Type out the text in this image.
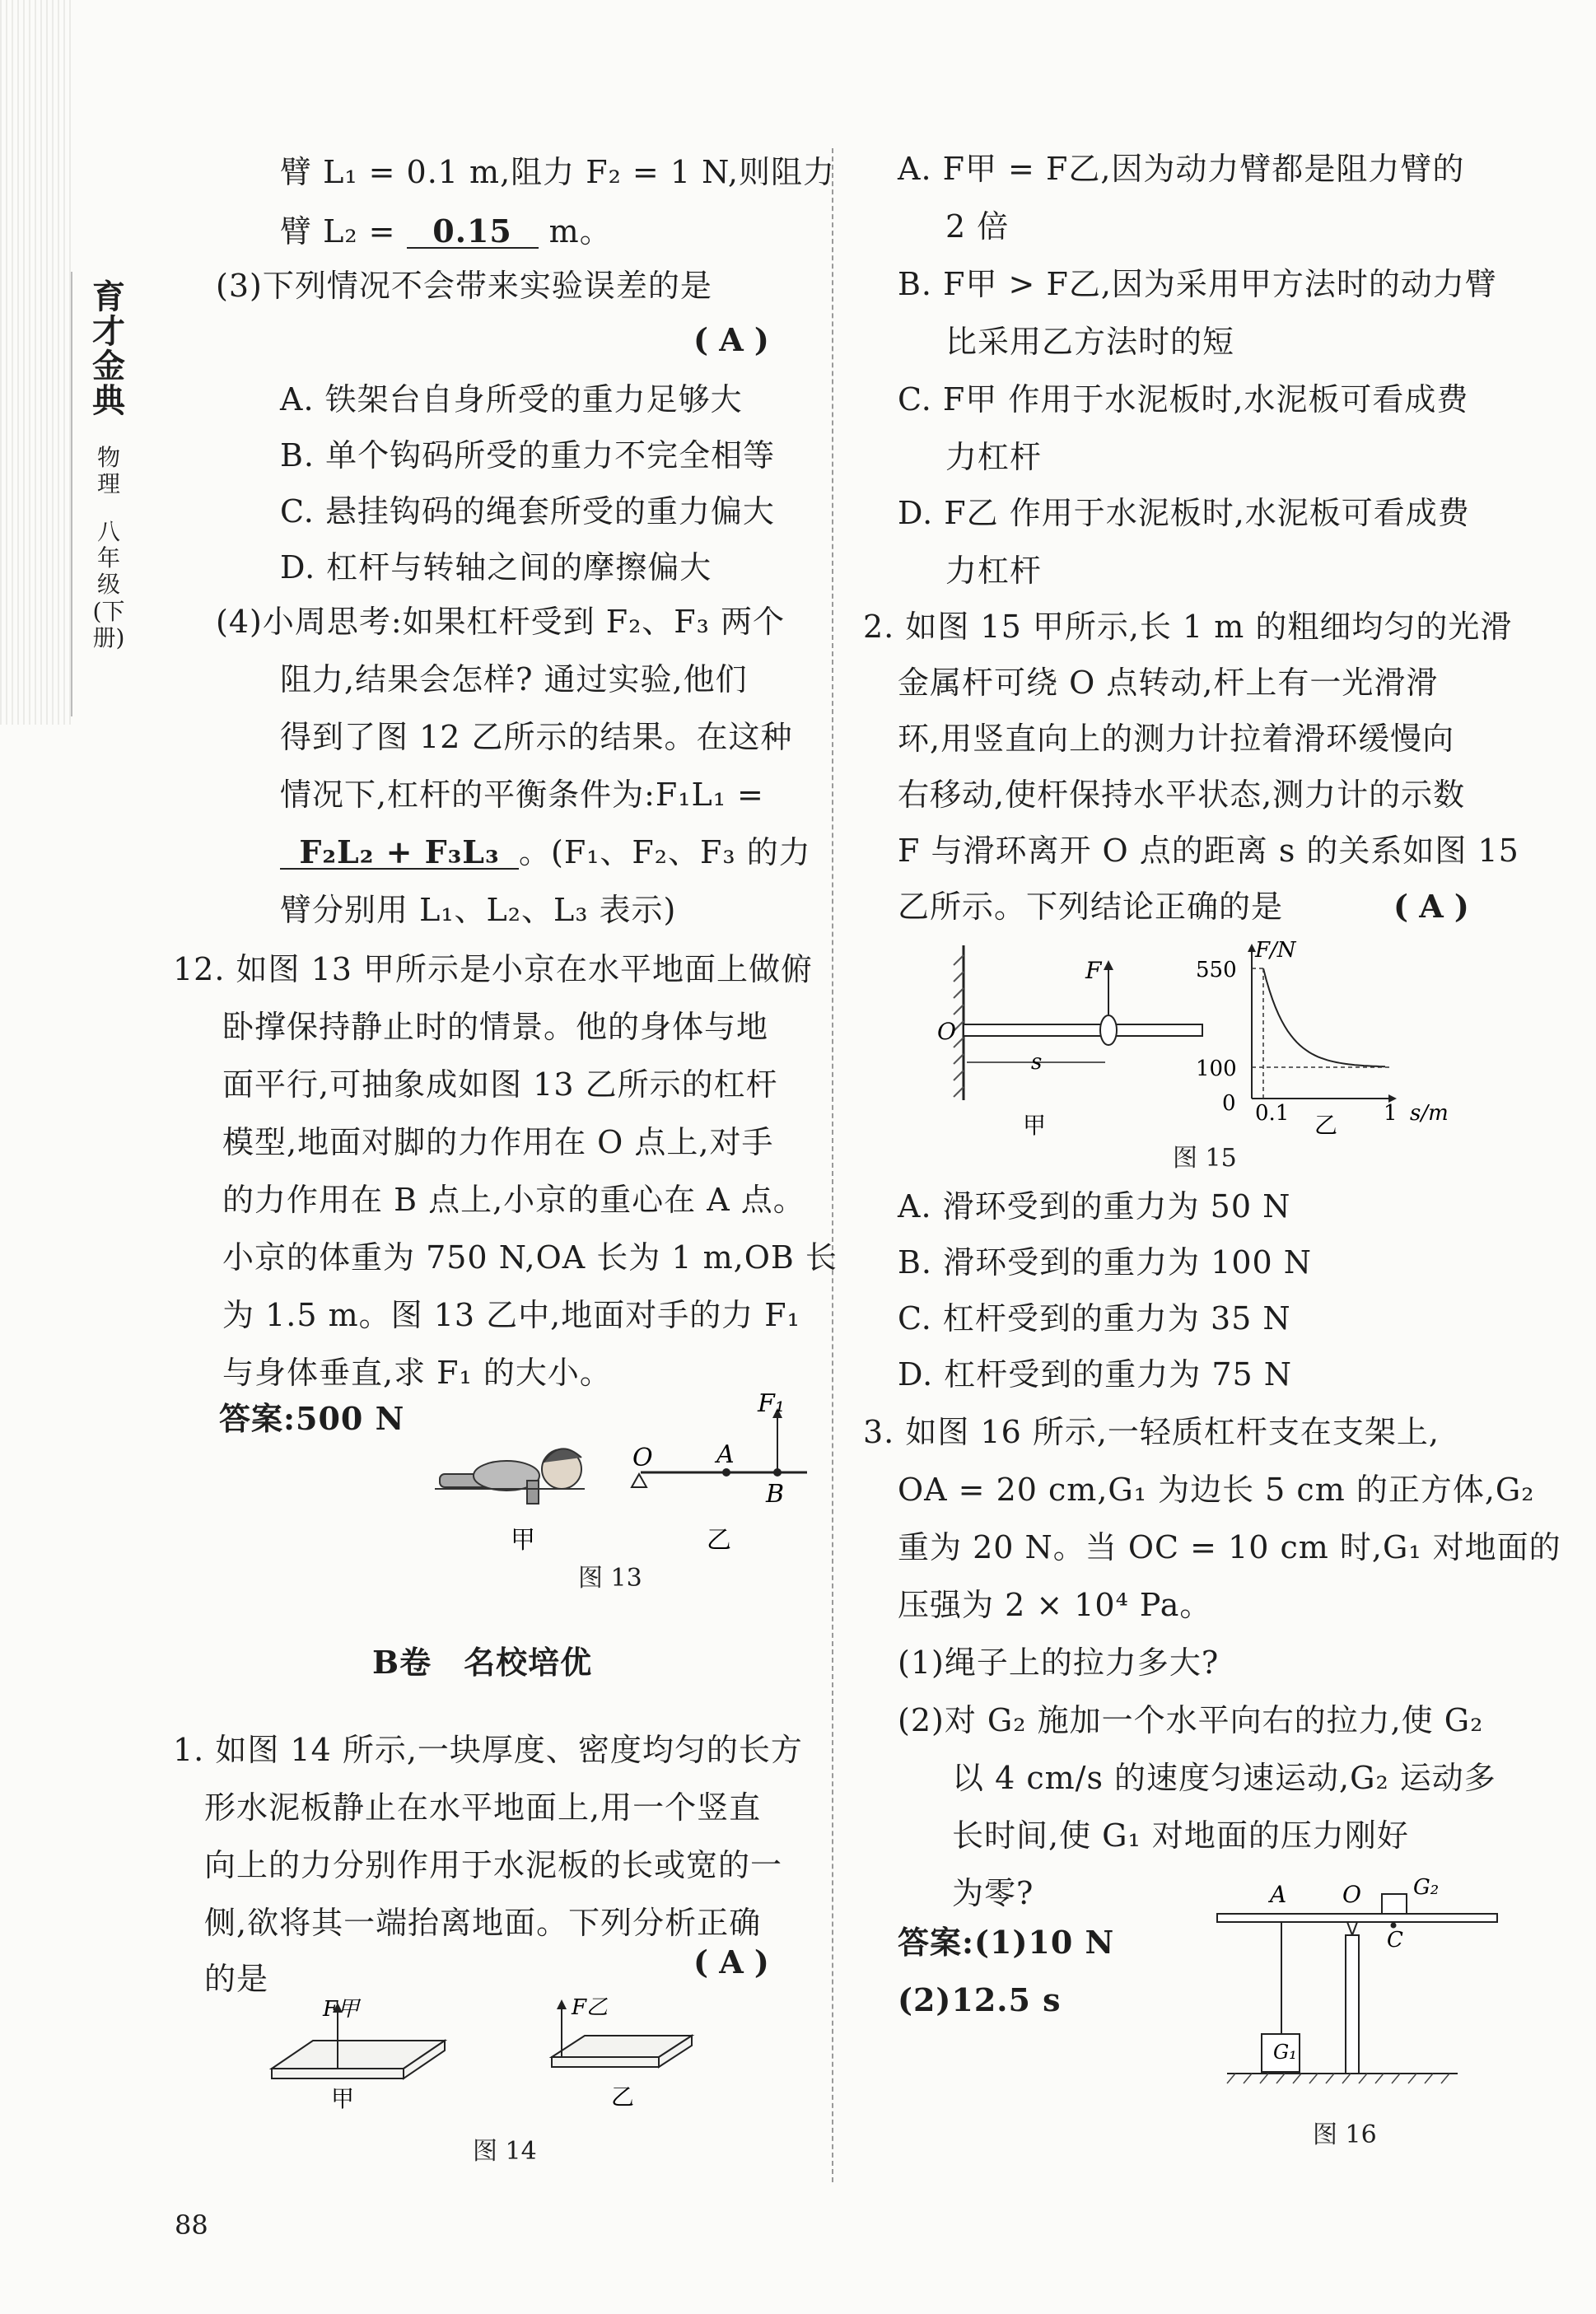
育才金典
物理
八年级(下册)
臂 L₁ = 0.1 m,阻力 F₂ = 1 N,则阻力
臂 L₂ = 0.15 m。
(3)下列情况不会带来实验误差的是
( A )
A. 铁架台自身所受的重力足够大
B. 单个钩码所受的重力不完全相等
C. 悬挂钩码的绳套所受的重力偏大
D. 杠杆与转轴之间的摩擦偏大
(4)小周思考:如果杠杆受到 F₂、F₃ 两个
阻力,结果会怎样? 通过实验,他们
得到了图 12 乙所示的结果。在这种
情况下,杠杆的平衡条件为:F₁L₁ =
F₂L₂ + F₃L₃ 。(F₁、F₂、F₃ 的力
臂分别用 L₁、L₂、L₃ 表示)
12. 如图 13 甲所示是小京在水平地面上做俯
卧撑保持静止时的情景。他的身体与地
面平行,可抽象成如图 13 乙所示的杠杆
模型,地面对脚的力作用在 O 点上,对手
的力作用在 B 点上,小京的重心在 A 点。
小京的体重为 750 N,OA 长为 1 m,OB 长
为 1.5 m。图 13 乙中,地面对手的力 F₁
与身体垂直,求 F₁ 的大小。
答案:500 N
甲
O	A
B
F₁
乙
图 13
B卷　名校培优
1. 如图 14 所示,一块厚度、密度均匀的长方
形水泥板静止在水平地面上,用一个竖直
向上的力分别作用于水泥板的长或宽的一
侧,欲将其一端抬离地面。下列分析正确
的是	( A )
F甲
甲
F乙
乙
图 14
A. F甲 = F乙,因为动力臂都是阻力臂的
2 倍
B. F甲 > F乙,因为采用甲方法时的动力臂
比采用乙方法时的短
C. F甲 作用于水泥板时,水泥板可看成费
力杠杆
D. F乙 作用于水泥板时,水泥板可看成费
力杠杆
2. 如图 15 甲所示,长 1 m 的粗细均匀的光滑
金属杆可绕 O 点转动,杆上有一光滑滑
环,用竖直向上的测力计拉着滑环缓慢向
右移动,使杆保持水平状态,测力计的示数
F 与滑环离开 O 点的距离 s 的关系如图 15
乙所示。下列结论正确的是	( A )
F
O
s
甲
F/N
550
100
0 0.1	1 s/m
乙
图 15
A. 滑环受到的重力为 50 N
B. 滑环受到的重力为 100 N
C. 杠杆受到的重力为 35 N
D. 杠杆受到的重力为 75 N
3. 如图 16 所示,一轻质杠杆支在支架上,
OA = 20 cm,G₁ 为边长 5 cm 的正方体,G₂
重为 20 N。当 OC = 10 cm 时,G₁ 对地面的
压强为 2 × 10⁴ Pa。
(1)绳子上的拉力多大?
(2)对 G₂ 施加一个水平向右的拉力,使 G₂
以 4 cm/s 的速度匀速运动,G₂ 运动多
长时间,使 G₁ 对地面的压力刚好
为零?
答案:(1)10 N
(2)12.5 s
A O G₂
C
G₁
图 16
88
